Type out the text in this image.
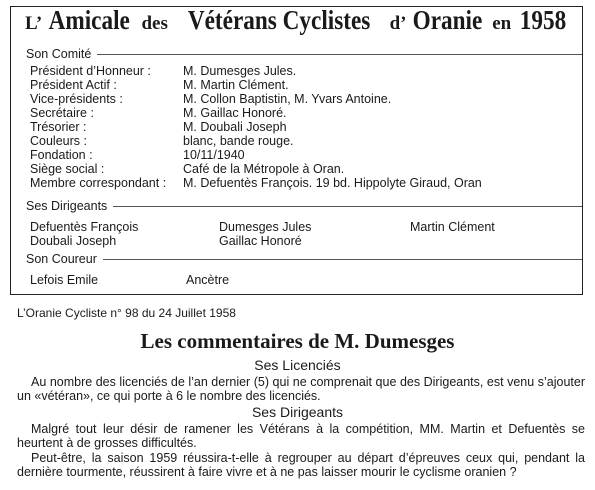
L’ Amicale des Vétérans Cyclistes d’ Oranie en 1958
Son Comité
Président d’Honneur :	M. Dumesges Jules.
Président Actif :	M. Martin Clément.
Vice-présidents :	M. Collon Baptistin, M. Yvars Antoine.
Secrétaire :	M. Gaillac Honoré.
Trésorier :	M. Doubali Joseph
Couleurs :	blanc, bande rouge.
Fondation :	10/11/1940
Siège social :	Café de la Métropole à Oran.
Membre correspondant : M. Defuentès François. 19 bd. Hippolyte Giraud, Oran
Ses Dirigeants
Defuentès François	Dumesges Jules	Martin Clément
Doubali Joseph	Gaillac Honoré
Son Coureur
Lefois Emile	Ancètre
L’Oranie Cycliste n° 98 du 24 Juillet 1958
Les commentaires de M. Dumesges
Ses Licenciés
Au nombre des licenciés de l’an dernier (5) qui ne comprenait que des Dirigeants, est venu s’ajouter un «vétéran», ce qui porte à 6 le nombre des licenciés.
Ses Dirigeants
Malgré tout leur désir de ramener les Vétérans à la compétition, MM. Martin et Defuentès se heurtent à de grosses difficultés.
Peut-être, la saison 1959 réussira-t-elle à regrouper au départ d’épreuves ceux qui, pendant la dernière tourmente, réussirent à faire vivre et à ne pas laisser mourir le cyclisme oranien ?
